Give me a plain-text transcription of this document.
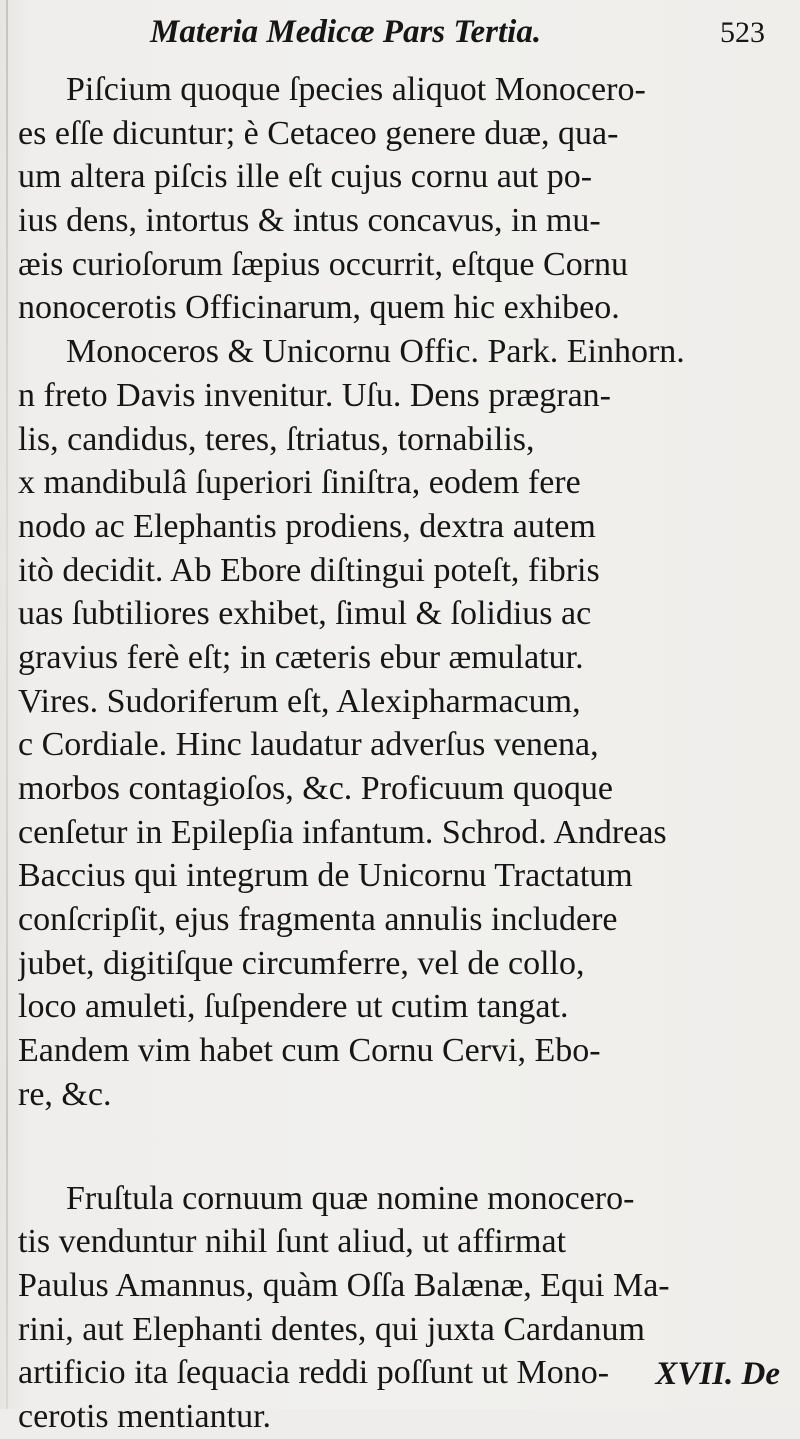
Materia Medicæ Pars Tertia.	523
Piſcium quoque ſpecies aliquot Monocero-
es eſſe dicuntur; è Cetaceo genere duæ, qua-
um altera piſcis ille eſt cujus cornu aut po-
ius dens, intortus & intus concavus, in mu-
æis curioſorum ſæpius occurrit, eſtque Cornu
nonocerotis Officinarum, quem hic exhibeo.
Monoceros & Unicornu Offic. Park. Einhorn.
n freto Davis invenitur. Uſu. Dens prægran-
lis, candidus, teres, ſtriatus, tornabilis,
x mandibulâ ſuperiori ſiniſtra, eodem fere
nodo ac Elephantis prodiens, dextra autem
itò decidit. Ab Ebore diſtingui poteſt, fibris
uas ſubtiliores exhibet, ſimul & ſolidius ac
gravius ferè eſt; in cæteris ebur æmulatur.
Vires. Sudoriferum eſt, Alexipharmacum,
c Cordiale. Hinc laudatur adverſus venena,
morbos contagioſos, &c. Proficuum quoque
cenſetur in Epilepſia infantum. Schrod. Andreas
Baccius qui integrum de Unicornu Tractatum
conſcripſit, ejus fragmenta annulis includere
jubet, digitiſque circumferre, vel de collo,
loco amuleti, ſuſpendere ut cutim tangat.
Eandem vim habet cum Cornu Cervi, Ebo-
re, &c.
Fruſtula cornuum quæ nomine monocero-
tis venduntur nihil ſunt aliud, ut affirmat
Paulus Amannus, quàm Oſſa Balænæ, Equi Ma-
rini, aut Elephanti dentes, qui juxta Cardanum
artificio ita ſequacia reddi poſſunt ut Mono-
cerotis mentiantur.
XVII. De
